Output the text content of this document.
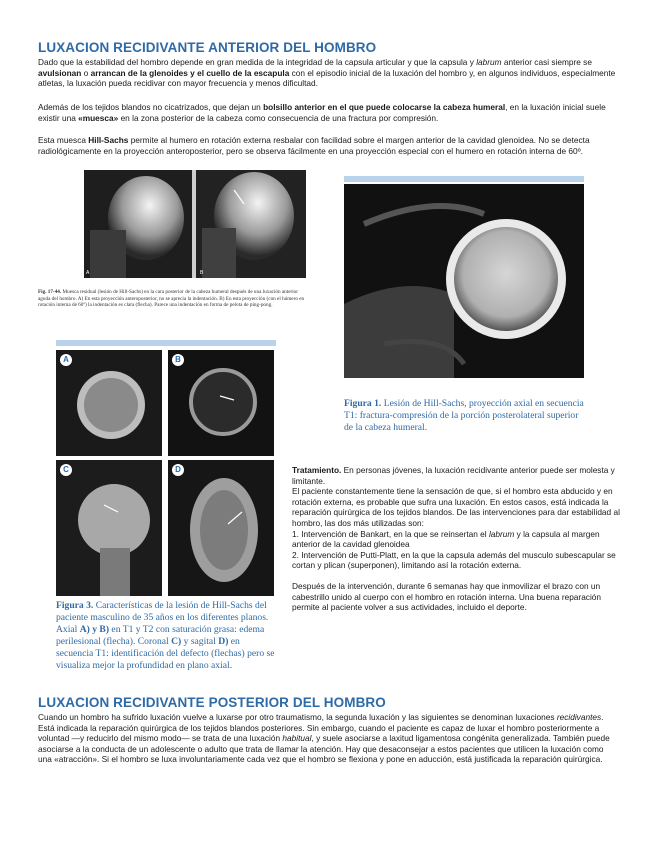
LUXACION RECIDIVANTE ANTERIOR DEL HOMBRO

Dado que la estabilidad del hombro depende en gran medida de la integridad de la capsula articular y que la capsula y labrum anterior casi siempre se avulsionan o arrancan de la glenoides y el cuello de la escapula con el episodio inicial de la luxación del hombro y, en algunos individuos, especialmente atletas, la luxación pueda recidivar con mayor frecuencia y menos dificultad.

Además de los tejidos blandos no cicatrizados, que dejan un bolsillo anterior en el que puede colocarse la cabeza humeral, en la luxación inicial suele existir una «muesca» en la zona posterior de la cabeza como consecuencia de una fractura por compresión.

Esta muesca Hill-Sachs permite al humero en rotación externa resbalar con facilidad sobre el margen anterior de la cavidad glenoidea. No se detecta radiológicamente en la proyección anteroposterior, pero se observa fácilmente en una proyección especial con el humero en rotación interna de 60º.

A	B

Fig. 17-44. Muesca residual (lesión de Hill-Sachs) en la cara posterior de la cabeza humeral después de una luxación anterior aguda del hombro. A) En esta proyección anteroposterior, no se aprecia la indentación. B) En esta proyección (con el húmero en rotación interna de 60º) la indentación es clara (flecha). Parece una indentación en forma de pelota de ping-pong.

Figura 1. Lesión de Hill-Sachs, proyección axial en secuencia T1: fractura-compresión de la porción posterolateral superior de la cabeza humeral.

A	B
C	D

Figura 3. Características de la lesión de Hill-Sachs del paciente masculino de 35 años en los diferentes planos. Axial A) y B) en T1 y T2 con saturación grasa: edema perilesional (flecha). Coronal C) y sagital D) en secuencia T1: identificación del defecto (flechas) pero se visualiza mejor la profundidad en plano axial.

Tratamiento. En personas jóvenes, la luxación recidivante anterior puede ser molesta y limitante.

El paciente constantemente tiene la sensación de que, si el hombro esta abducido y en rotación externa, es probable que sufra una luxación. En estos casos, está indicada la reparación quirúrgica de los tejidos blandos. De las intervenciones para dar estabilidad al hombro, las dos más utilizadas son:

1. Intervención de Bankart, en la que se reinsertan el labrum y la capsula al margen anterior de la cavidad glenoidea

2. Intervención de Putti-Platt, en la que la capsula además del musculo subescapular se cortan y plican (superponen), limitando así la rotación externa.

Después de la intervención, durante 6 semanas hay que inmovilizar el brazo con un cabestrillo unido al cuerpo con el hombro en rotación interna. Una buena reparación permite al paciente volver a sus actividades, incluido el deporte.

LUXACION RECIDIVANTE POSTERIOR DEL HOMBRO

Cuando un hombro ha sufrido luxación vuelve a luxarse por otro traumatismo, la segunda luxación y las siguientes se denominan luxaciones recidivantes. Está indicada la reparación quirúrgica de los tejidos blandos posteriores. Sin embargo, cuando el paciente es capaz de luxar el hombro posteriormente a voluntad —y reducirlo del mismo modo— se trata de una luxación habitual, y suele asociarse a laxitud ligamentosa congénita generalizada. También puede asociarse a la conducta de un adolescente o adulto que trata de llamar la atención. Hay que desaconsejar a estos pacientes que utilicen la luxación como una «atracción». Si el hombro se luxa involuntariamente cada vez que el hombro se flexiona y pone en aducción, está justificada la reparación quirúrgica.
